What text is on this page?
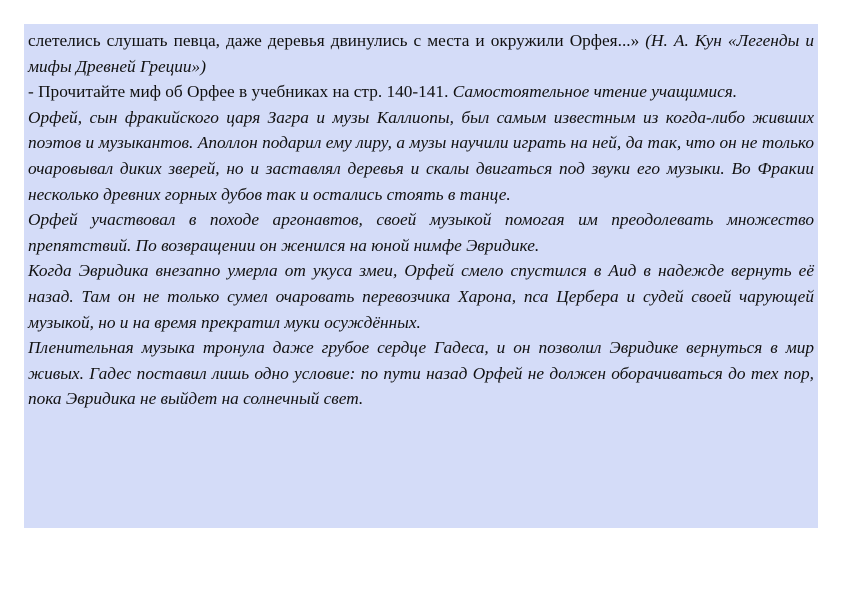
слетелись слушать певца, даже деревья двинулись с места и окружили Орфея...» (Н. А. Кун «Легенды и мифы Древней Греции»)

- Прочитайте миф об Орфее в учебниках на стр. 140-141. Самостоятельное чтение учащимися.

Орфей, сын фракийского царя Загра и музы Каллиопы, был самым известным из когда-либо живших поэтов и музыкантов. Аполлон подарил ему лиру, а музы научили играть на ней, да так, что он не только очаровывал диких зверей, но и заставлял деревья и скалы двигаться под звуки его музыки. Во Фракии несколько древних горных дубов так и остались стоять в танце.

Орфей участвовал в походе аргонавтов, своей музыкой помогая им преодолевать множество препятствий. По возвращении он женился на юной нимфе Эвридике.

Когда Эвридика внезапно умерла от укуса змеи, Орфей смело спустился в Аид в надежде вернуть её назад. Там он не только сумел очаровать перевозчика Харона, пса Цербера и судей своей чарующей музыкой, но и на время прекратил муки осуждённых.

Пленительная музыка тронула даже грубое сердце Гадеса, и он позволил Эвридике вернуться в мир живых. Гадес поставил лишь одно условие: по пути назад Орфей не должен оборачиваться до тех пор, пока Эвридика не выйдет на солнечный свет.
